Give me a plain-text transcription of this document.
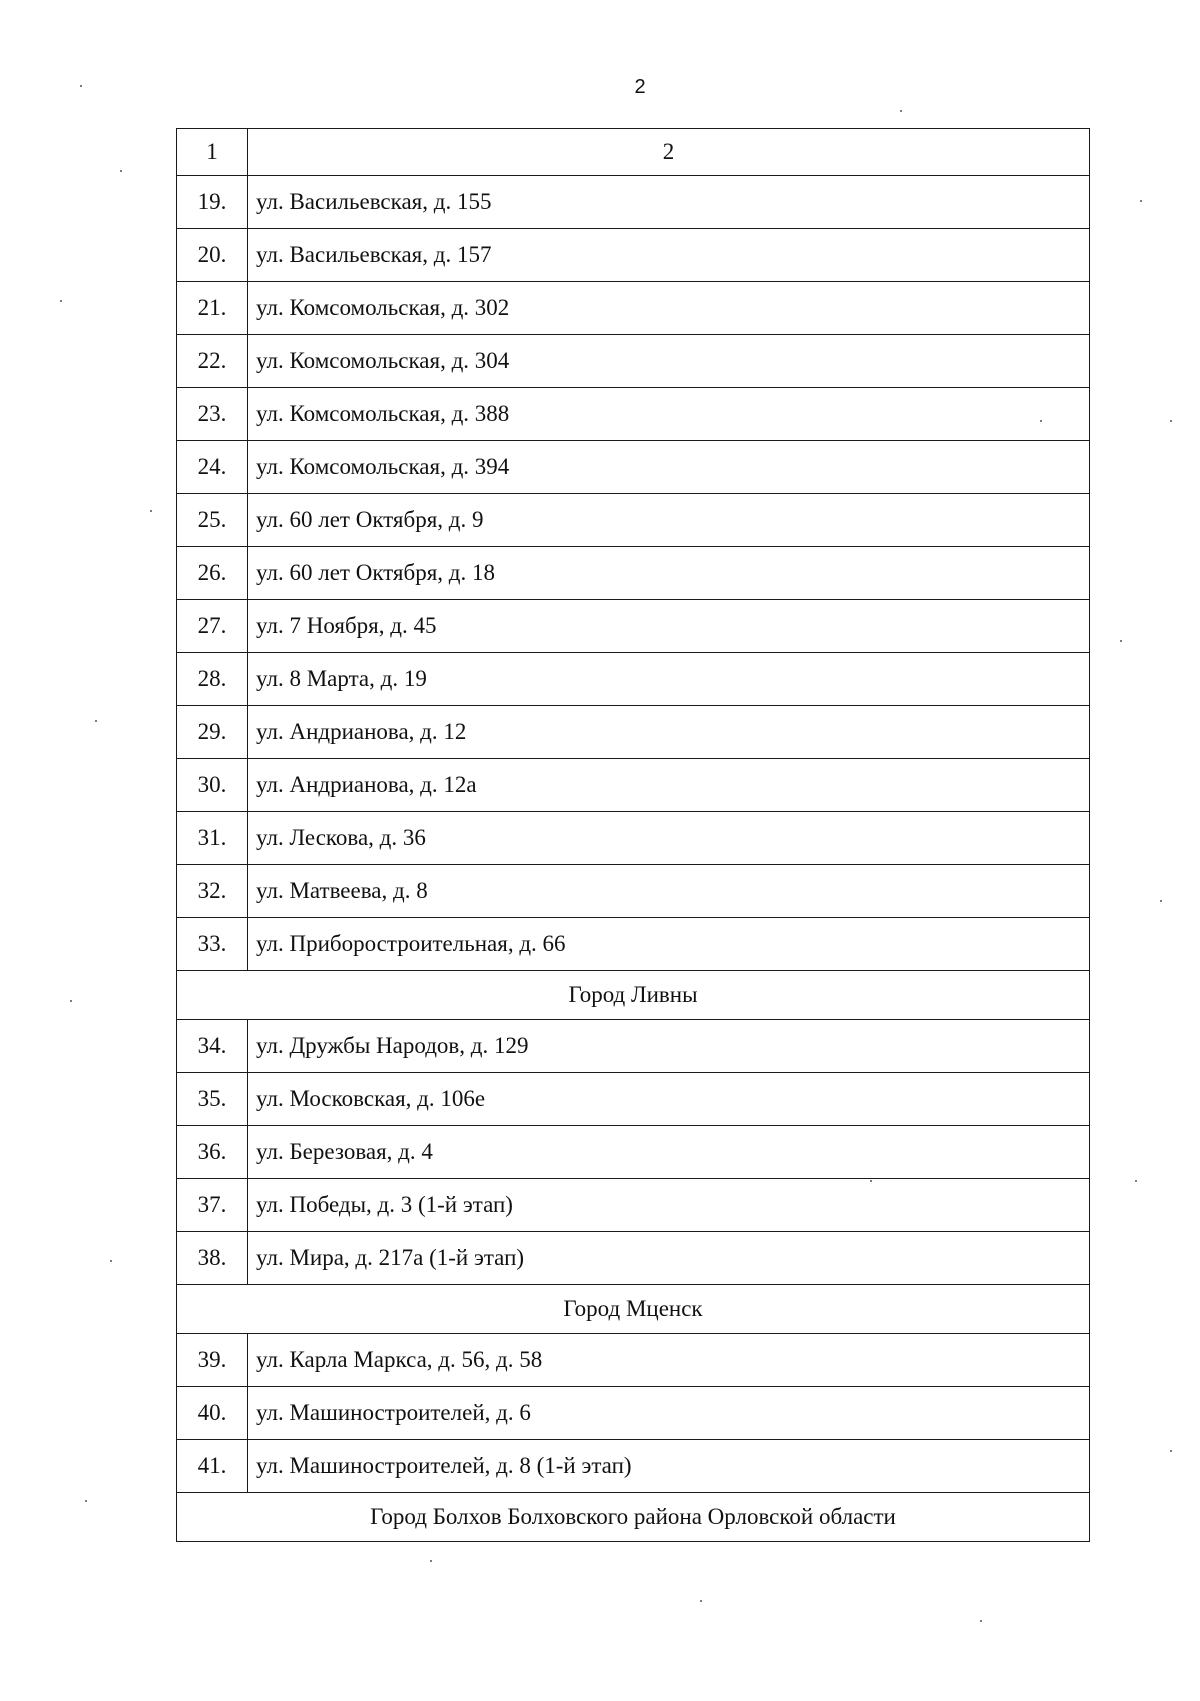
2
1	2
19.	ул. Васильевская, д. 155
20.	ул. Васильевская, д. 157
21.	ул. Комсомольская, д. 302
22.	ул. Комсомольская, д. 304
23.	ул. Комсомольская, д. 388
24.	ул. Комсомольская, д. 394
25.	ул. 60 лет Октября, д. 9
26.	ул. 60 лет Октября, д. 18
27.	ул. 7 Ноября, д. 45
28.	ул. 8 Марта, д. 19
29.	ул. Андрианова, д. 12
30.	ул. Андрианова, д. 12а
31.	ул. Лескова, д. 36
32.	ул. Матвеева, д. 8
33.	ул. Приборостроительная, д. 66
Город Ливны	
34.	ул. Дружбы Народов, д. 129
35.	ул. Московская, д. 106е
36.	ул. Березовая, д. 4
37.	ул. Победы, д. 3 (1-й этап)
38.	ул. Мира, д. 217а (1-й этап)
Город Мценск	
39.	ул. Карла Маркса, д. 56, д. 58
40.	ул. Машиностроителей, д. 6
41.	ул. Машиностроителей, д. 8 (1-й этап)
Город Болхов Болховского района Орловской области	
